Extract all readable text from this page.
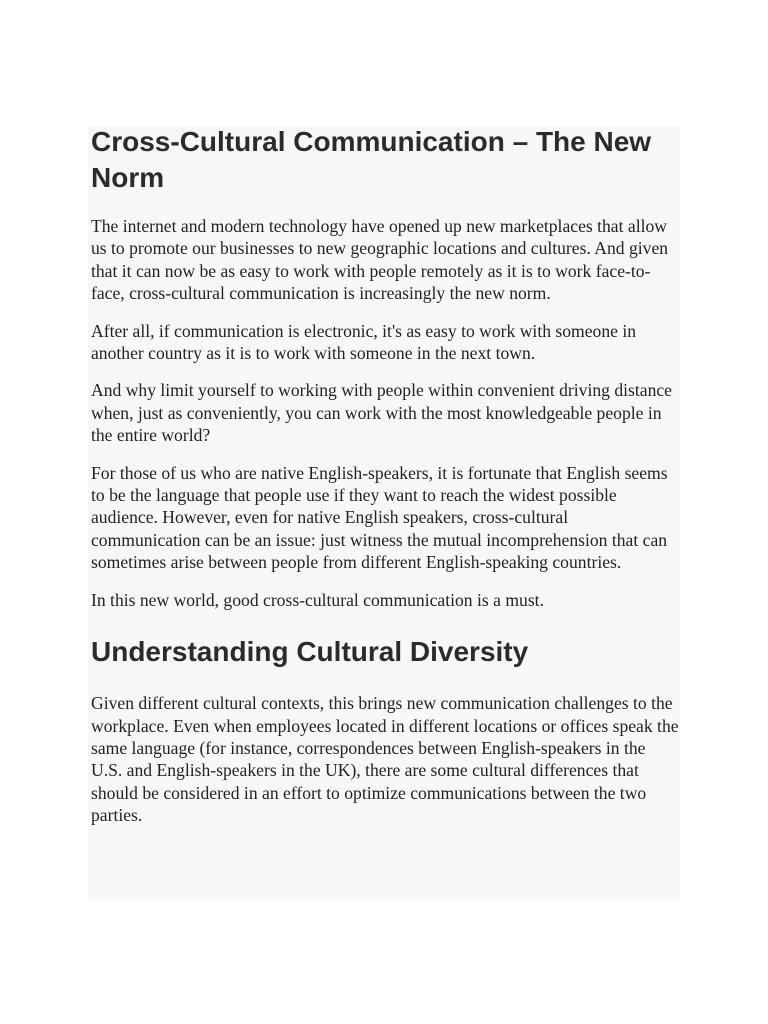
Cross-Cultural Communication – The New Norm

The internet and modern technology have opened up new marketplaces that allow us to promote our businesses to new geographic locations and cultures. And given that it can now be as easy to work with people remotely as it is to work face-to-face, cross-cultural communication is increasingly the new norm.

After all, if communication is electronic, it's as easy to work with someone in another country as it is to work with someone in the next town.

And why limit yourself to working with people within convenient driving distance when, just as conveniently, you can work with the most knowledgeable people in the entire world?

For those of us who are native English-speakers, it is fortunate that English seems to be the language that people use if they want to reach the widest possible audience. However, even for native English speakers, cross-cultural communication can be an issue: just witness the mutual incomprehension that can sometimes arise between people from different English-speaking countries.

In this new world, good cross-cultural communication is a must.

Understanding Cultural Diversity

Given different cultural contexts, this brings new communication challenges to the workplace. Even when employees located in different locations or offices speak the same language (for instance, correspondences between English-speakers in the U.S. and English-speakers in the UK), there are some cultural differences that should be considered in an effort to optimize communications between the two parties.
